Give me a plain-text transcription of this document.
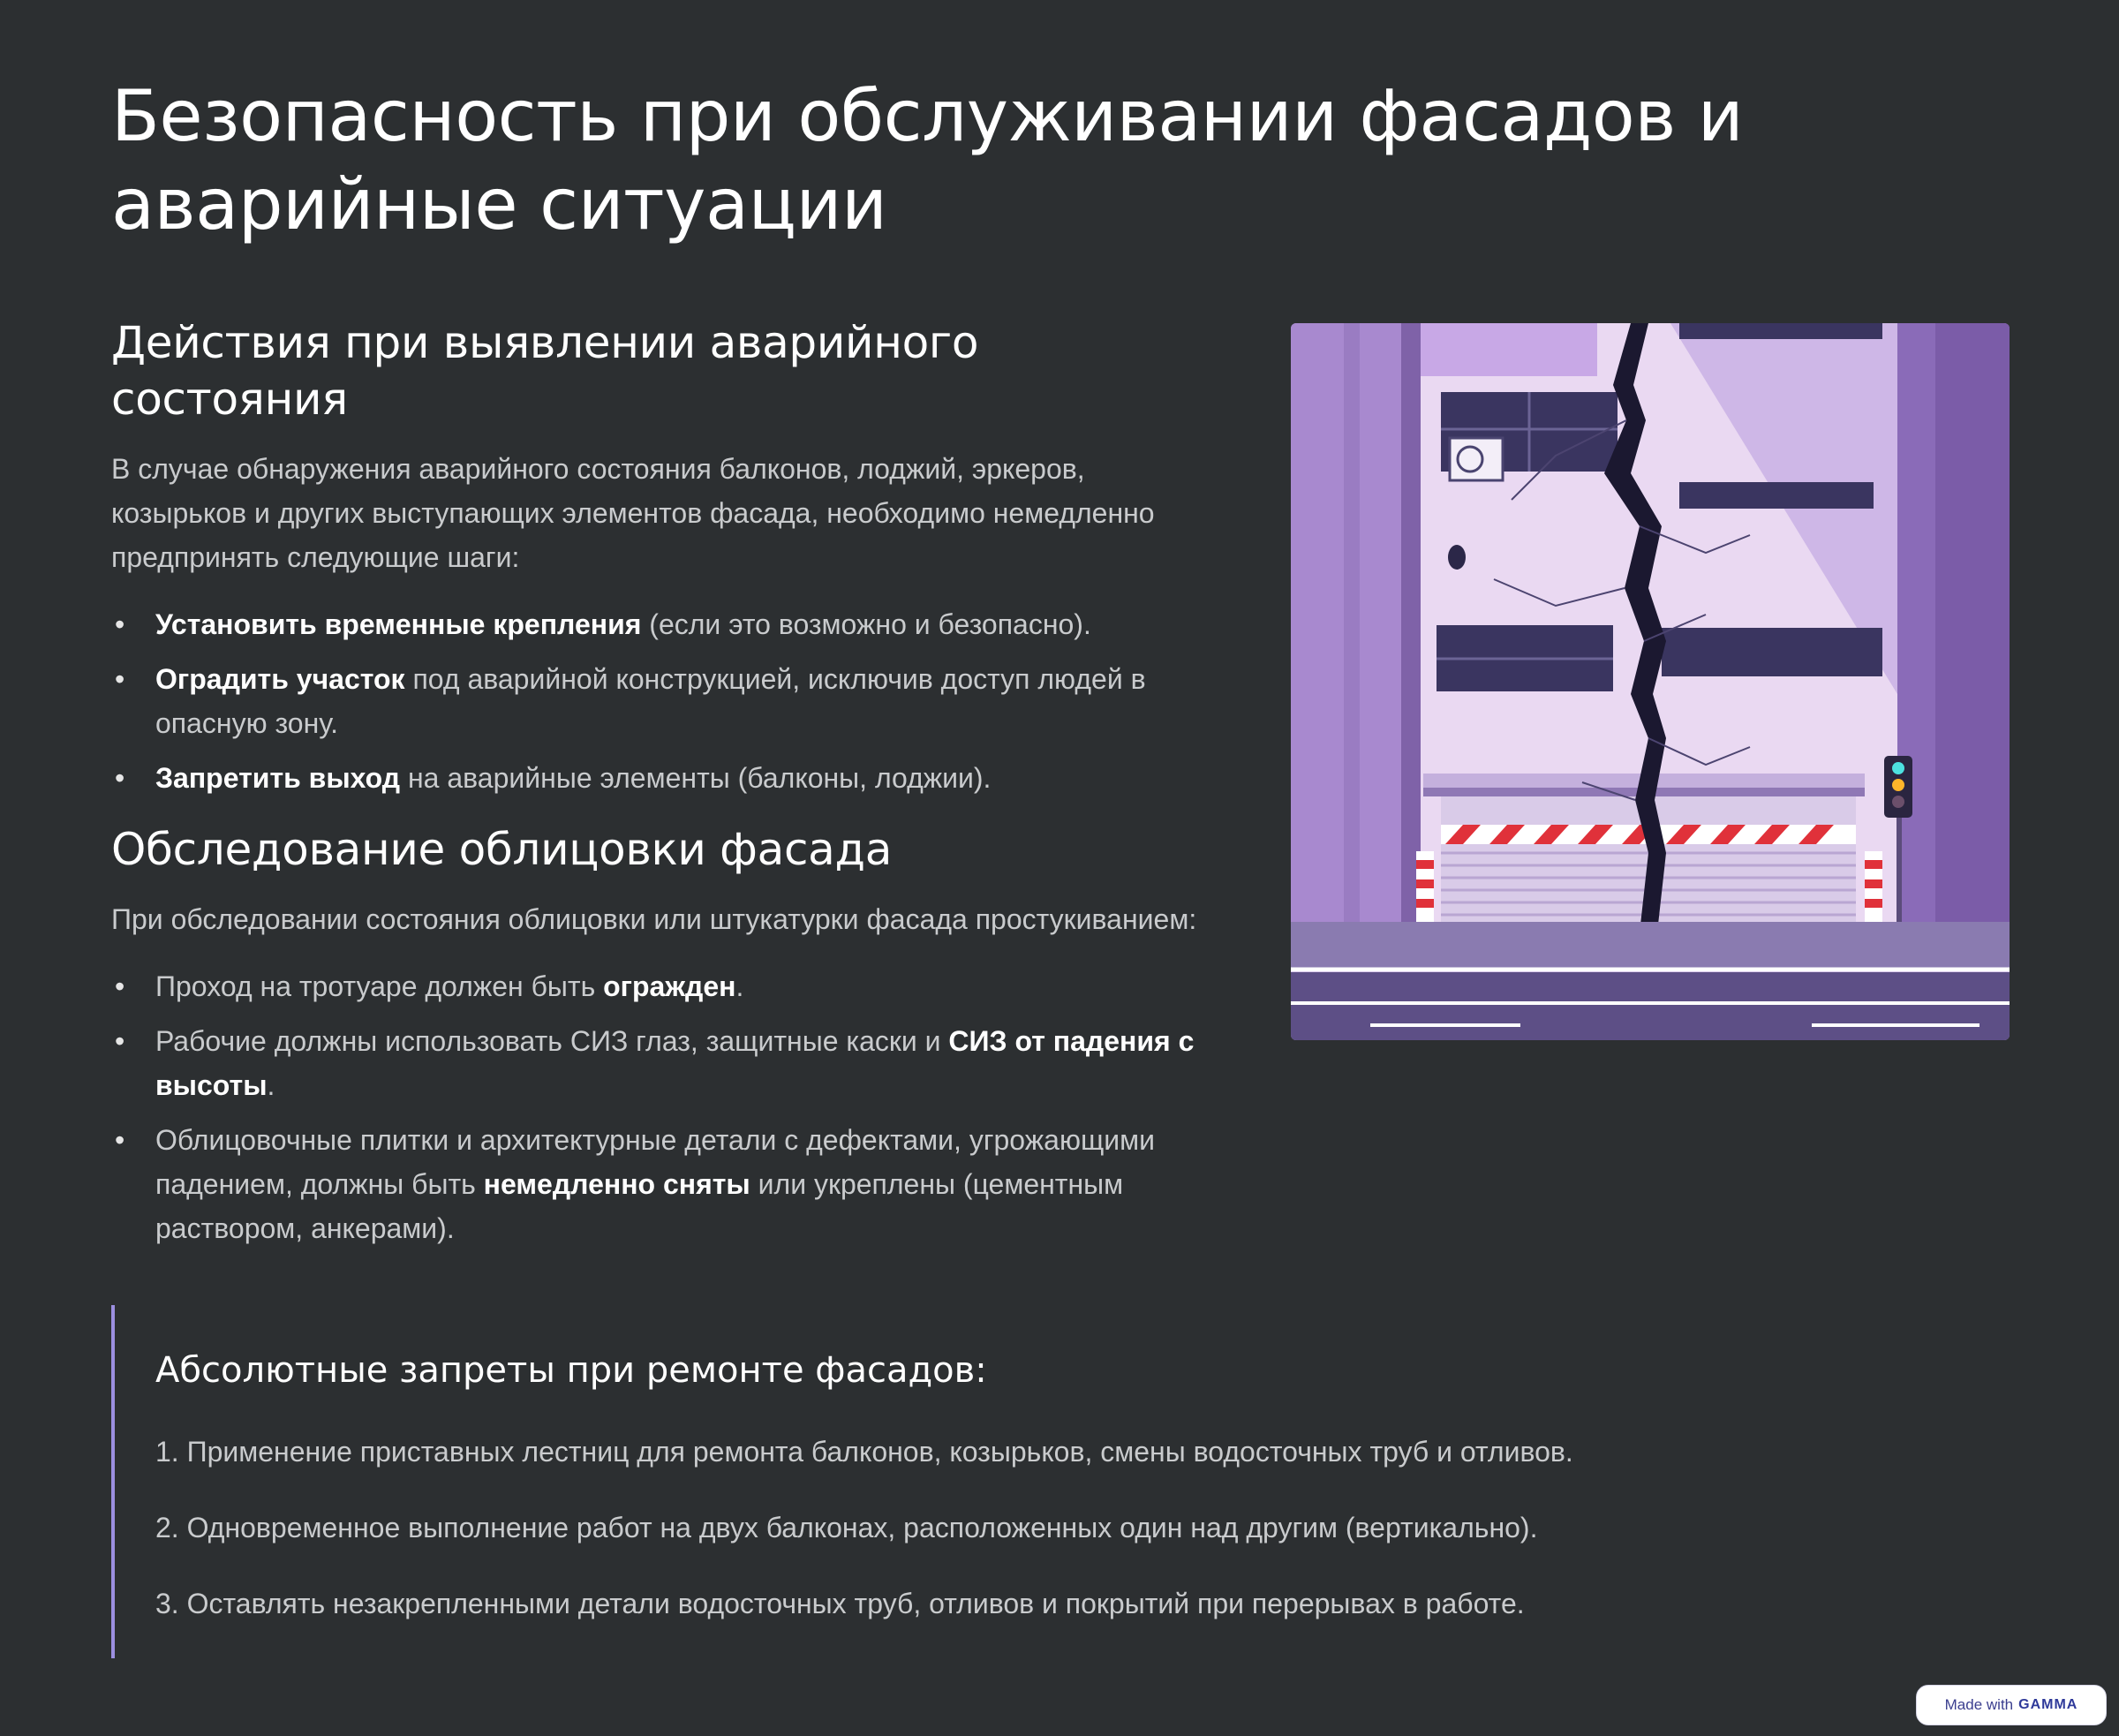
Безопасность при обслуживании фасадов и аварийные ситуации
Действия при выявлении аварийного состояния

В случае обнаружения аварийного состояния балконов, лоджий, эркеров, козырьков и других выступающих элементов фасада, необходимо немедленно предпринять следующие шаги:

• Установить временные крепления (если это возможно и безопасно).
• Оградить участок под аварийной конструкцией, исключив доступ людей в опасную зону.
• Запретить выход на аварийные элементы (балконы, лоджии).
Обследование облицовки фасада

При обследовании состояния облицовки или штукатурки фасада простукиванием:

• Проход на тротуаре должен быть огражден.
• Рабочие должны использовать СИЗ глаз, защитные каски и СИЗ от падения с высоты.
• Облицовочные плитки и архитектурные детали с дефектами, угрожающими падением, должны быть немедленно сняты или укреплены (цементным раствором, анкерами).
Абсолютные запреты при ремонте фасадов:
1. Применение приставных лестниц для ремонта балконов, козырьков, смены водосточных труб и отливов.
2. Одновременное выполнение работ на двух балконах, расположенных один над другим (вертикально).
3. Оставлять незакрепленными детали водосточных труб, отливов и покрытий при перерывах в работе.
Made with GAMMA
